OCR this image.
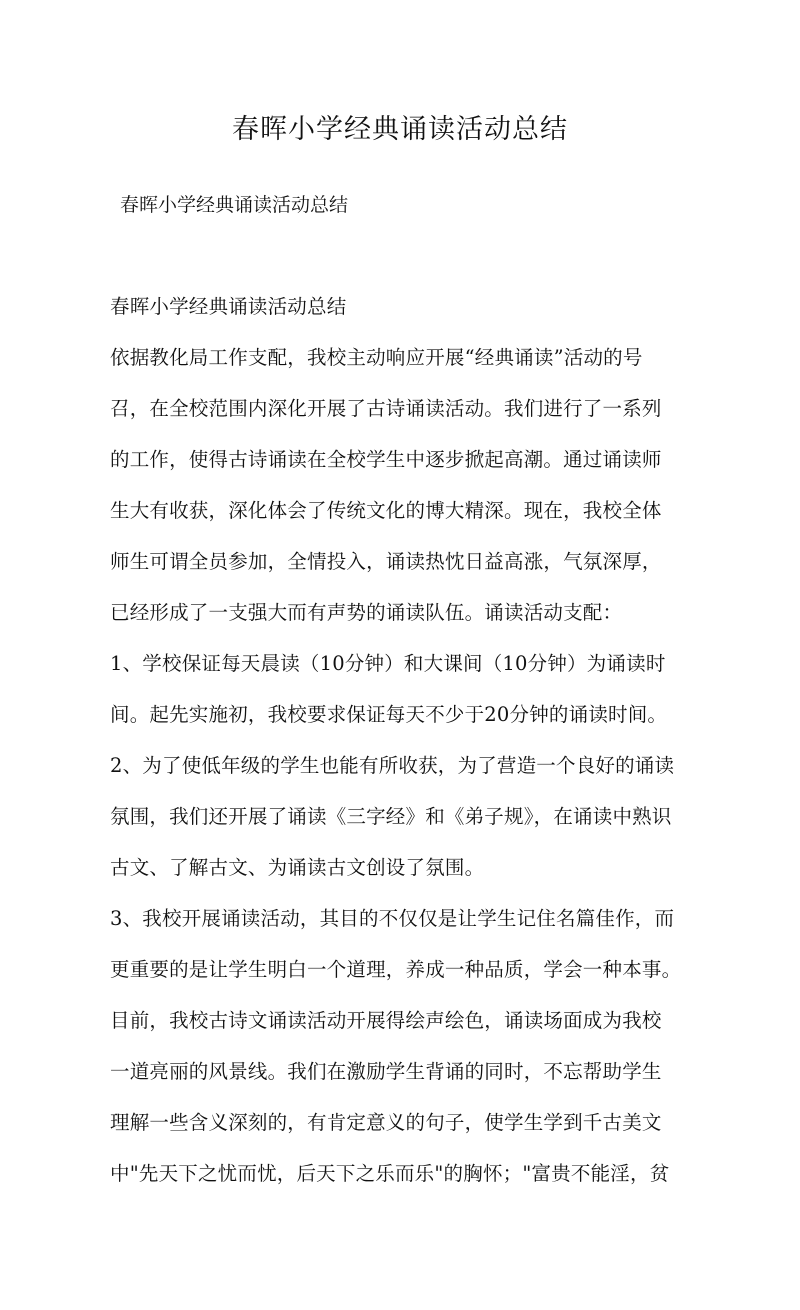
春晖小学经典诵读活动总结

春晖小学经典诵读活动总结

春晖小学经典诵读活动总结
依据教化局工作支配，我校主动响应开展“经典诵读”活动的号
召，在全校范围内深化开展了古诗诵读活动。我们进行了一系列
的工作，使得古诗诵读在全校学生中逐步掀起高潮。通过诵读师
生大有收获，深化体会了传统文化的博大精深。现在，我校全体
师生可谓全员参加，全情投入，诵读热忱日益高涨，气氛深厚，
已经形成了一支强大而有声势的诵读队伍。诵读活动支配：
1、学校保证每天晨读（10分钟）和大课间（10分钟）为诵读时
间。起先实施初，我校要求保证每天不少于20分钟的诵读时间。
2、为了使低年级的学生也能有所收获，为了营造一个良好的诵读
氛围，我们还开展了诵读《三字经》和《弟子规》，在诵读中熟识
古文、了解古文、为诵读古文创设了氛围。
3、我校开展诵读活动，其目的不仅仅是让学生记住名篇佳作，而
更重要的是让学生明白一个道理，养成一种品质，学会一种本事。
目前，我校古诗文诵读活动开展得绘声绘色，诵读场面成为我校
一道亮丽的风景线。我们在激励学生背诵的同时，不忘帮助学生
理解一些含义深刻的，有肯定意义的句子，使学生学到千古美文
中"先天下之忧而忧，后天下之乐而乐"的胸怀；"富贵不能淫，贫
